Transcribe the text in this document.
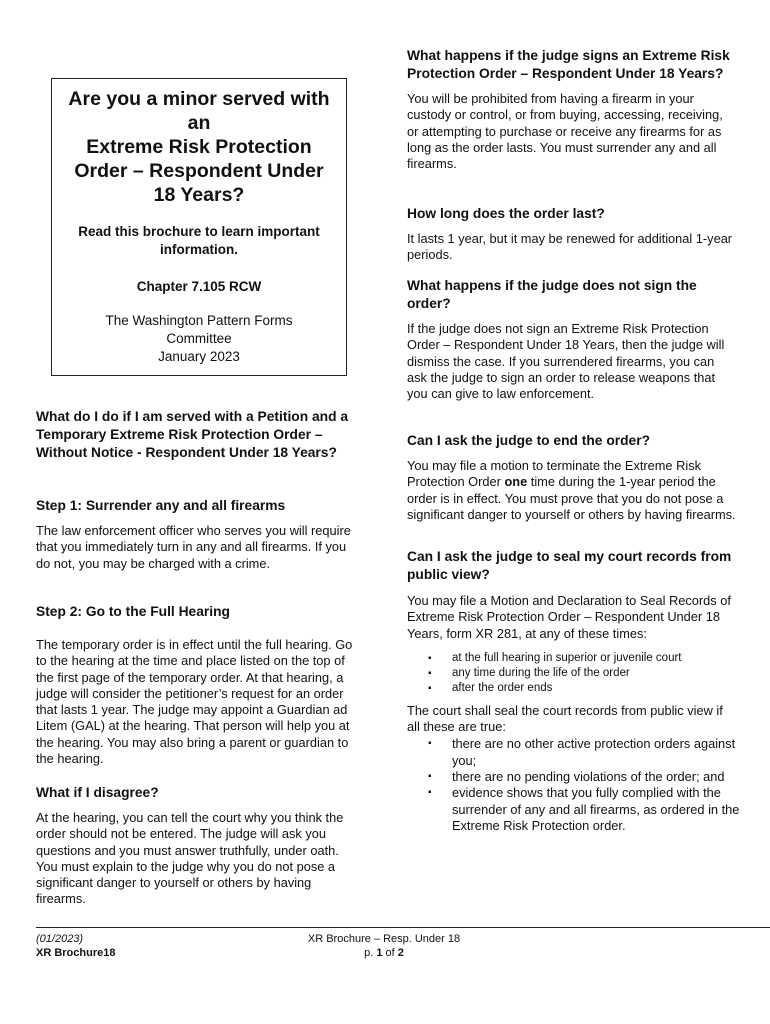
Are you a minor served with
an
Extreme Risk Protection
Order – Respondent Under
18 Years?
Read this brochure to learn important
information.
Chapter 7.105 RCW
The Washington Pattern Forms
Committee
January 2023
What do I do if I am served with a Petition and a Temporary Extreme Risk Protection Order – Without Notice - Respondent Under 18 Years?
Step 1: Surrender any and all firearms

The law enforcement officer who serves you will require that you immediately turn in any and all firearms. If you do not, you may be charged with a crime.

Step 2: Go to the Full Hearing

The temporary order is in effect until the full hearing. Go to the hearing at the time and place listed on the top of the first page of the temporary order. At that hearing, a judge will consider the petitioner’s request for an order that lasts 1 year. The judge may appoint a Guardian ad Litem (GAL) at the hearing. That person will help you at the hearing. You may also bring a parent or guardian to the hearing.

What if I disagree?

At the hearing, you can tell the court why you think the order should not be entered. The judge will ask you questions and you must answer truthfully, under oath. You must explain to the judge why you do not pose a significant danger to yourself or others by having firearms.

What happens if the judge signs an Extreme Risk Protection Order – Respondent Under 18 Years?

You will be prohibited from having a firearm in your custody or control, or from buying, accessing, receiving, or attempting to purchase or receive any firearms for as long as the order lasts. You must surrender any and all firearms.

How long does the order last?

It lasts 1 year, but it may be renewed for additional 1-year periods.

What happens if the judge does not sign the order?

If the judge does not sign an Extreme Risk Protection Order – Respondent Under 18 Years, then the judge will dismiss the case. If you surrendered firearms, you can ask the judge to sign an order to release weapons that you can give to law enforcement.

Can I ask the judge to end the order?

You may file a motion to terminate the Extreme Risk Protection Order one time during the 1-year period the order is in effect. You must prove that you do not pose a significant danger to yourself or others by having firearms.

Can I ask the judge to seal my court records from public view?

You may file a Motion and Declaration to Seal Records of Extreme Risk Protection Order – Respondent Under 18 Years, form XR 281, at any of these times:

▪ at the full hearing in superior or juvenile court
▪ any time during the life of the order
▪ after the order ends

The court shall seal the court records from public view if all these are true:

▪ there are no other active protection orders against you;
▪ there are no pending violations of the order; and
▪ evidence shows that you fully complied with the surrender of any and all firearms, as ordered in the Extreme Risk Protection order.
(01/2023)
XR Brochure18
XR Brochure – Resp. Under 18
p. 1 of 2
